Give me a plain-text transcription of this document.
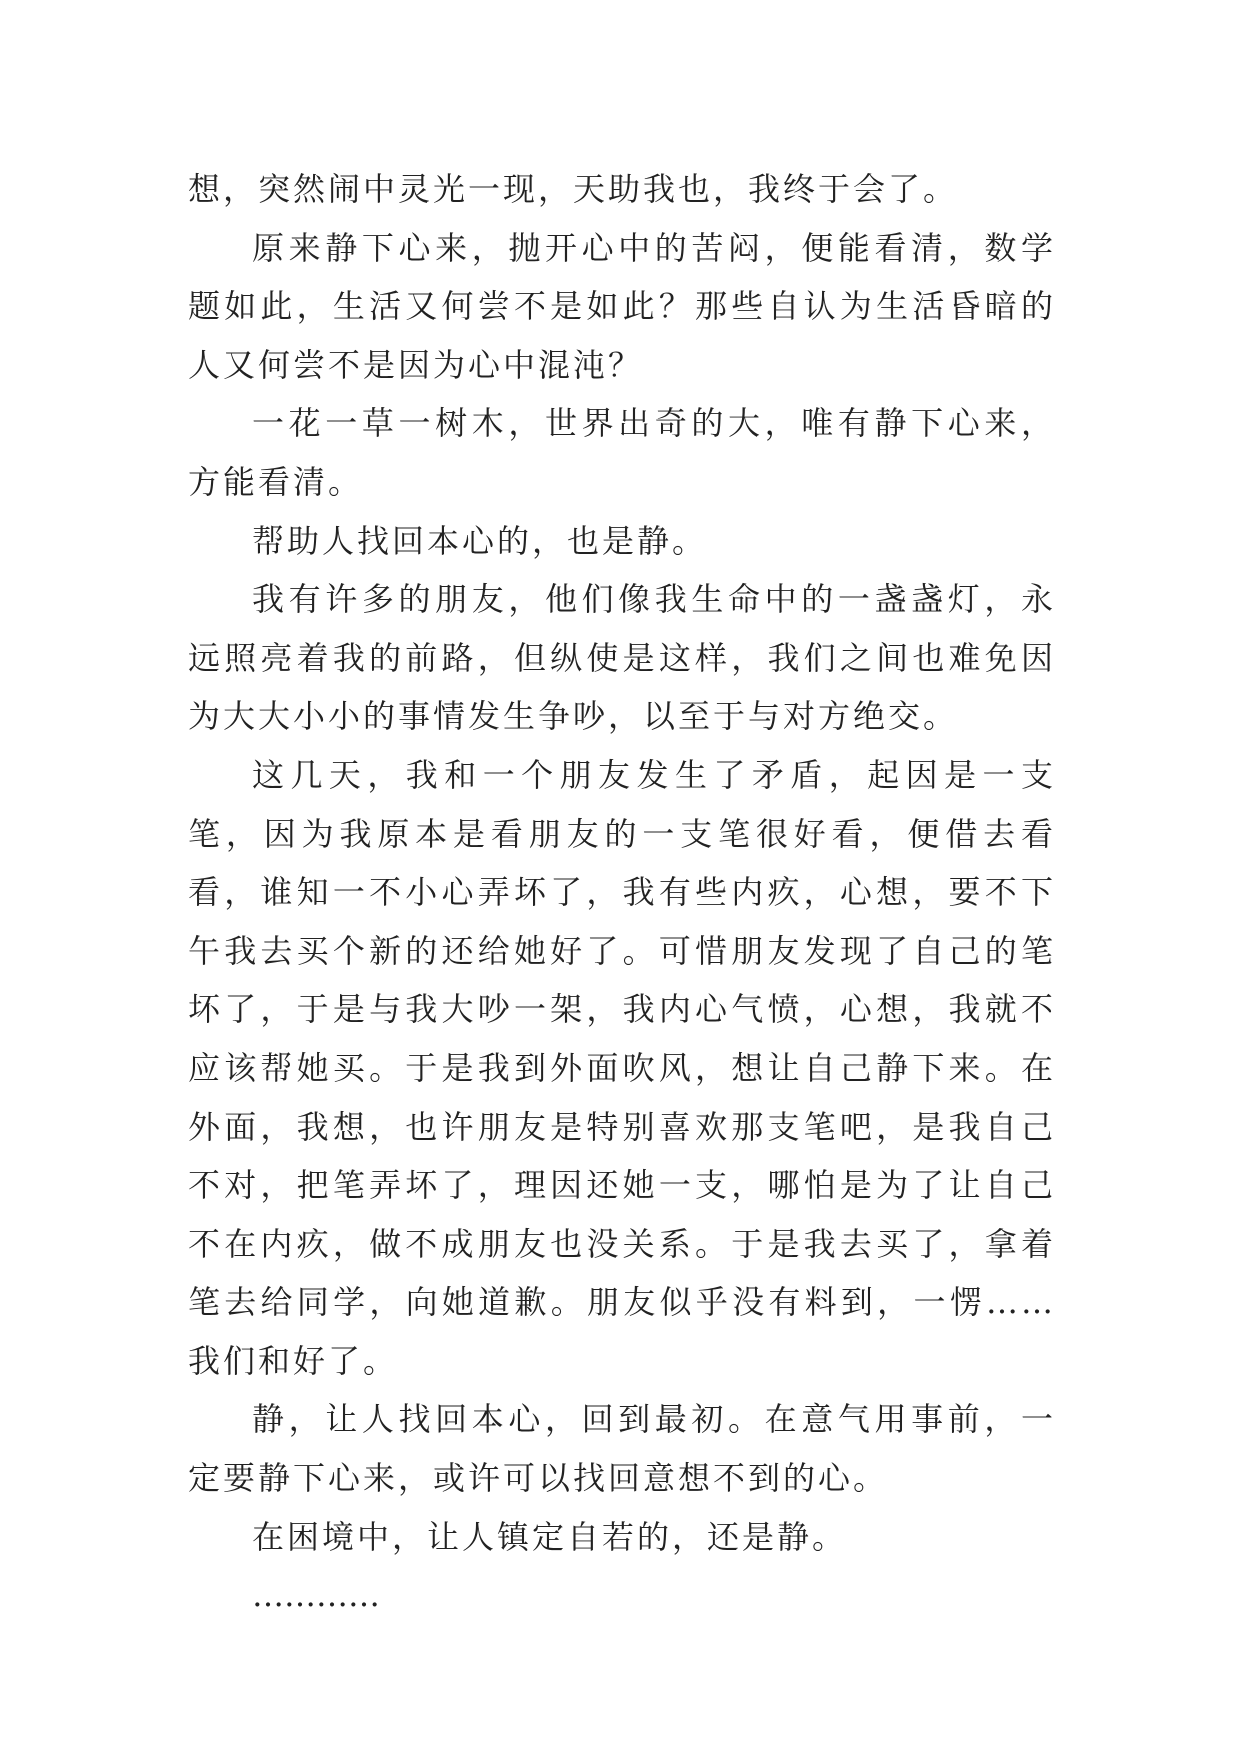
想，突然闹中灵光一现，天助我也，我终于会了。

原来静下心来，抛开心中的苦闷，便能看清，数学题如此，生活又何尝不是如此？那些自认为生活昏暗的人又何尝不是因为心中混沌？

一花一草一树木，世界出奇的大，唯有静下心来，方能看清。

帮助人找回本心的，也是静。

我有许多的朋友，他们像我生命中的一盏盏灯，永远照亮着我的前路，但纵使是这样，我们之间也难免因为大大小小的事情发生争吵，以至于与对方绝交。

这几天，我和一个朋友发生了矛盾，起因是一支笔，因为我原本是看朋友的一支笔很好看，便借去看看，谁知一不小心弄坏了，我有些内疚，心想，要不下午我去买个新的还给她好了。可惜朋友发现了自己的笔坏了，于是与我大吵一架，我内心气愤，心想，我就不应该帮她买。于是我到外面吹风，想让自己静下来。在外面，我想，也许朋友是特别喜欢那支笔吧，是我自己不对，把笔弄坏了，理因还她一支，哪怕是为了让自己不在内疚，做不成朋友也没关系。于是我去买了，拿着笔去给同学，向她道歉。朋友似乎没有料到，一愣……我们和好了。

静，让人找回本心，回到最初。在意气用事前，一定要静下心来，或许可以找回意想不到的心。

在困境中，让人镇定自若的，还是静。

…………
